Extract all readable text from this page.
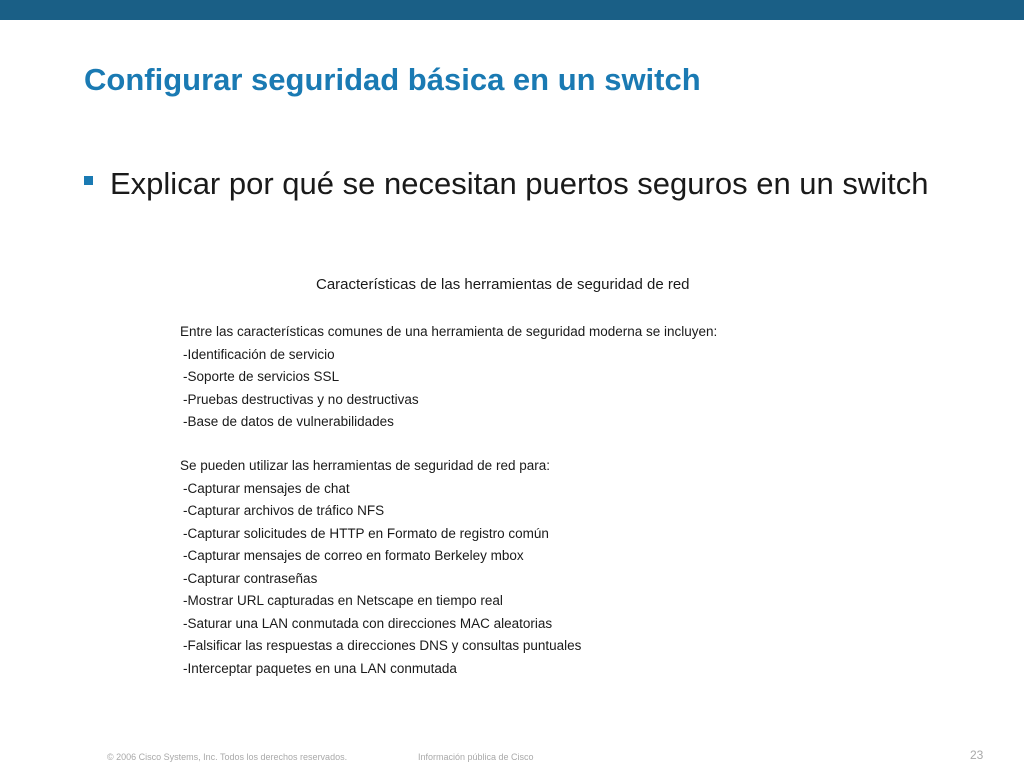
Configurar seguridad básica en un switch
Explicar por qué se necesitan puertos seguros en un switch
Características de las herramientas de seguridad de red
Entre las características comunes de una herramienta de seguridad moderna se incluyen:
-Identificación de servicio
-Soporte de servicios SSL
-Pruebas destructivas y no destructivas
-Base de datos de vulnerabilidades
Se pueden utilizar las herramientas de seguridad de red para:
-Capturar mensajes de chat
-Capturar archivos de tráfico NFS
-Capturar solicitudes de HTTP en Formato de registro común
-Capturar mensajes de correo en formato Berkeley mbox
-Capturar contraseñas
-Mostrar URL capturadas en Netscape en tiempo real
-Saturar una LAN conmutada con direcciones MAC aleatorias
-Falsificar las respuestas a direcciones DNS y consultas puntuales
-Interceptar paquetes en una LAN conmutada
© 2006 Cisco Systems, Inc. Todos los derechos reservados.	Información pública de Cisco	23
